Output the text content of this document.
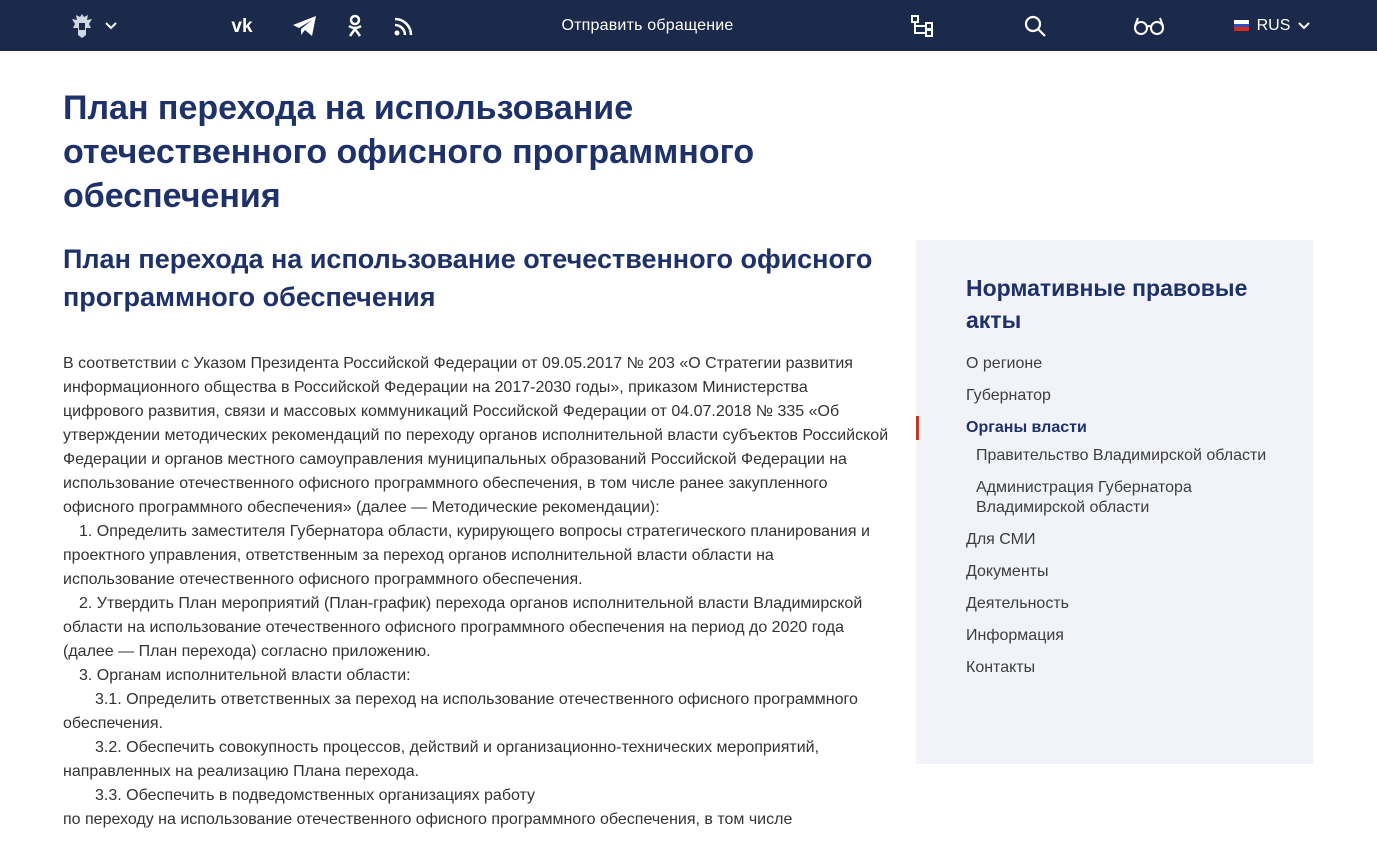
vk	Отправить обращение	RUS
План перехода на использование отечественного офисного программного обеспечения
План перехода на использование отечественного офисного программного обеспечения

В соответствии с Указом Президента Российской Федерации от 09.05.2017 № 203 «О Стратегии развития информационного общества в Российской Федерации на 2017-2030 годы», приказом Министерства цифрового развития, связи и массовых коммуникаций Российской Федерации от 04.07.2018 № 335 «Об утверждении методических рекомендаций по переходу органов исполнительной власти субъектов Российской Федерации и органов местного самоуправления муниципальных образований Российской Федерации на использование отечественного офисного программного обеспечения, в том числе ранее закупленного офисного программного обеспечения» (далее — Методические рекомендации):

1. Определить заместителя Губернатора области, курирующего вопросы стратегического планирования и проектного управления, ответственным за переход органов исполнительной власти области на использование отечественного офисного программного обеспечения.

2. Утвердить План мероприятий (План-график) перехода органов исполнительной власти Владимирской области на использование отечественного офисного программного обеспечения на период до 2020 года (далее — План перехода) согласно приложению.

3. Органам исполнительной власти области:

3.1. Определить ответственных за переход на использование отечественного офисного программного обеспечения.

3.2. Обеспечить совокупность процессов, действий и организационно-технических мероприятий, направленных на реализацию Плана перехода.

3.3. Обеспечить в подведомственных организациях работу

по переходу на использование отечественного офисного программного обеспечения, в том числе

Нормативные правовые акты
О регионе
Губернатор
Органы власти
Правительство Владимирской области
Администрация Губернатора Владимирской области
Для СМИ
Документы
Деятельность
Информация
Контакты
